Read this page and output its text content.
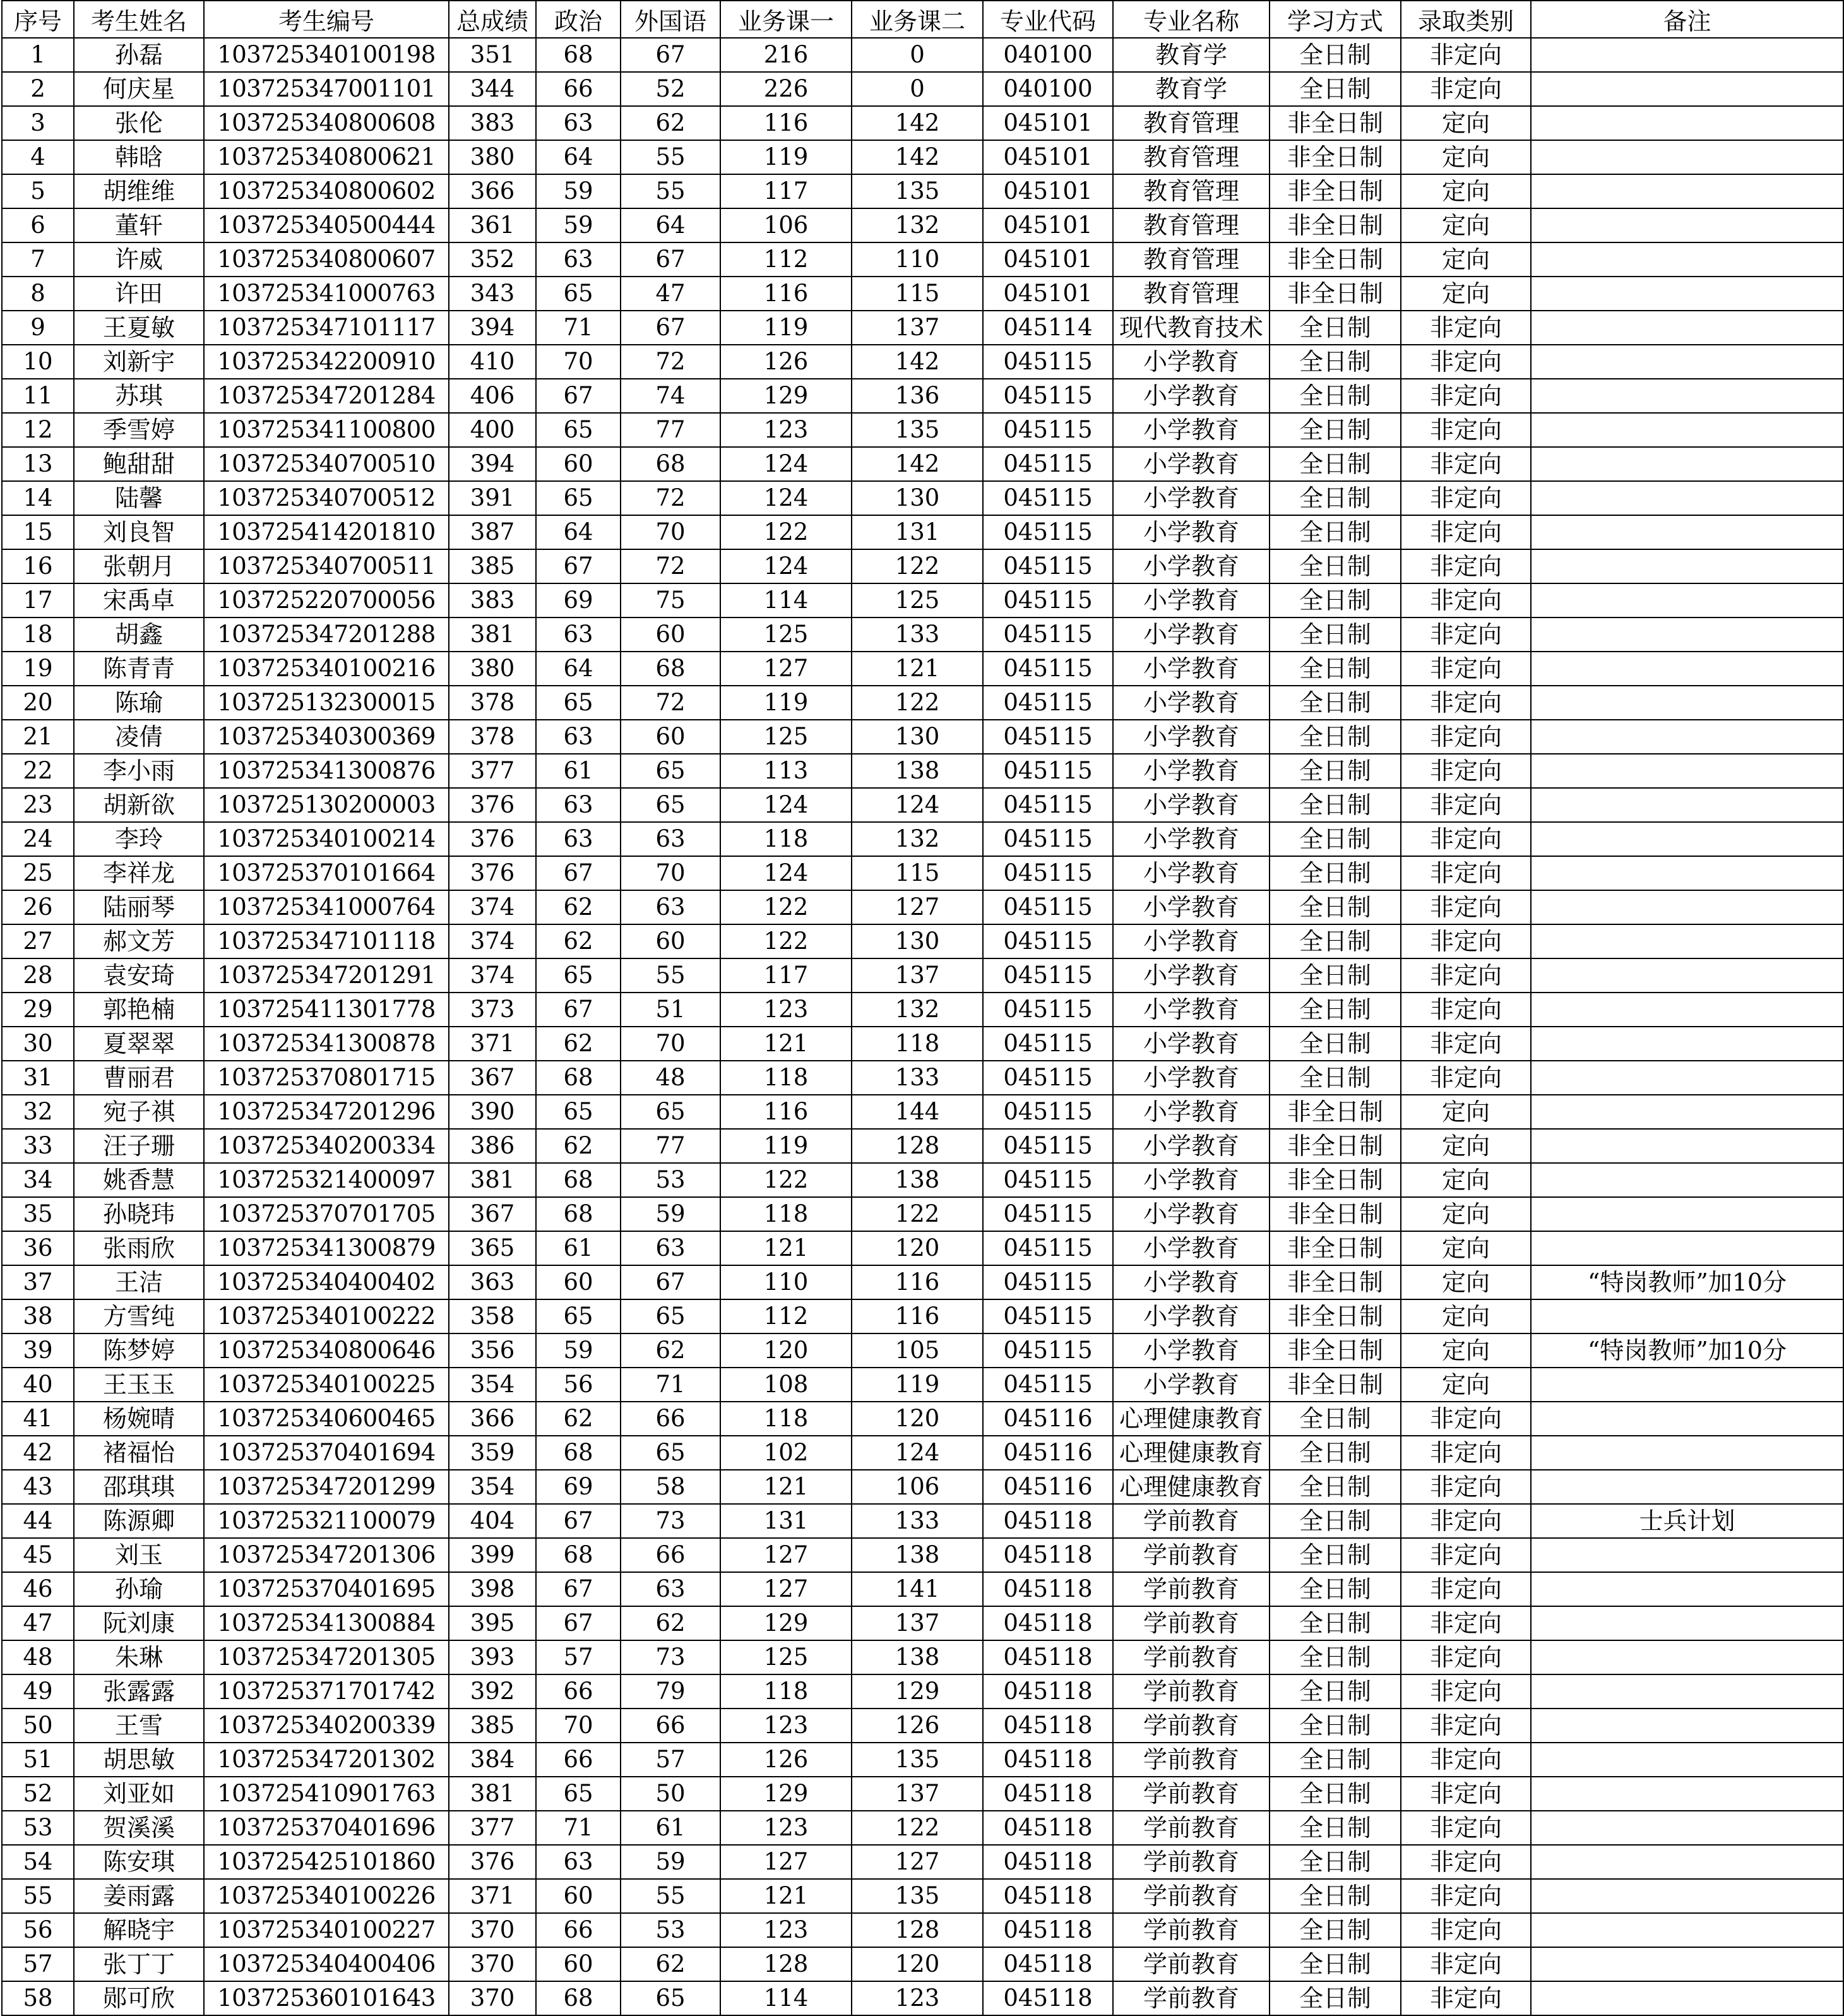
序号	考生姓名	考生编号	总成绩	政治	外国语	业务课一	业务课二	专业代码	专业名称	学习方式	录取类别	备注
1	孙磊	103725340100198	351	68	67	216	0	040100	教育学	全日制	非定向	
2	何庆星	103725347001101	344	66	52	226	0	040100	教育学	全日制	非定向	
3	张伦	103725340800608	383	63	62	116	142	045101	教育管理	非全日制	定向	
4	韩晗	103725340800621	380	64	55	119	142	045101	教育管理	非全日制	定向	
5	胡维维	103725340800602	366	59	55	117	135	045101	教育管理	非全日制	定向	
6	董轩	103725340500444	361	59	64	106	132	045101	教育管理	非全日制	定向	
7	许威	103725340800607	352	63	67	112	110	045101	教育管理	非全日制	定向	
8	许田	103725341000763	343	65	47	116	115	045101	教育管理	非全日制	定向	
9	王夏敏	103725347101117	394	71	67	119	137	045114	现代教育技术	全日制	非定向	
10	刘新宇	103725342200910	410	70	72	126	142	045115	小学教育	全日制	非定向	
11	苏琪	103725347201284	406	67	74	129	136	045115	小学教育	全日制	非定向	
12	季雪婷	103725341100800	400	65	77	123	135	045115	小学教育	全日制	非定向	
13	鲍甜甜	103725340700510	394	60	68	124	142	045115	小学教育	全日制	非定向	
14	陆馨	103725340700512	391	65	72	124	130	045115	小学教育	全日制	非定向	
15	刘良智	103725414201810	387	64	70	122	131	045115	小学教育	全日制	非定向	
16	张朝月	103725340700511	385	67	72	124	122	045115	小学教育	全日制	非定向	
17	宋禹卓	103725220700056	383	69	75	114	125	045115	小学教育	全日制	非定向	
18	胡鑫	103725347201288	381	63	60	125	133	045115	小学教育	全日制	非定向	
19	陈青青	103725340100216	380	64	68	127	121	045115	小学教育	全日制	非定向	
20	陈瑜	103725132300015	378	65	72	119	122	045115	小学教育	全日制	非定向	
21	凌倩	103725340300369	378	63	60	125	130	045115	小学教育	全日制	非定向	
22	李小雨	103725341300876	377	61	65	113	138	045115	小学教育	全日制	非定向	
23	胡新欲	103725130200003	376	63	65	124	124	045115	小学教育	全日制	非定向	
24	李玲	103725340100214	376	63	63	118	132	045115	小学教育	全日制	非定向	
25	李祥龙	103725370101664	376	67	70	124	115	045115	小学教育	全日制	非定向	
26	陆丽琴	103725341000764	374	62	63	122	127	045115	小学教育	全日制	非定向	
27	郝文芳	103725347101118	374	62	60	122	130	045115	小学教育	全日制	非定向	
28	袁安琦	103725347201291	374	65	55	117	137	045115	小学教育	全日制	非定向	
29	郭艳楠	103725411301778	373	67	51	123	132	045115	小学教育	全日制	非定向	
30	夏翠翠	103725341300878	371	62	70	121	118	045115	小学教育	全日制	非定向	
31	曹丽君	103725370801715	367	68	48	118	133	045115	小学教育	全日制	非定向	
32	宛子祺	103725347201296	390	65	65	116	144	045115	小学教育	非全日制	定向	
33	汪子珊	103725340200334	386	62	77	119	128	045115	小学教育	非全日制	定向	
34	姚香慧	103725321400097	381	68	53	122	138	045115	小学教育	非全日制	定向	
35	孙晓玮	103725370701705	367	68	59	118	122	045115	小学教育	非全日制	定向	
36	张雨欣	103725341300879	365	61	63	121	120	045115	小学教育	非全日制	定向	
37	王洁	103725340400402	363	60	67	110	116	045115	小学教育	非全日制	定向	“特岗教师”加10分
38	方雪纯	103725340100222	358	65	65	112	116	045115	小学教育	非全日制	定向	
39	陈梦婷	103725340800646	356	59	62	120	105	045115	小学教育	非全日制	定向	“特岗教师”加10分
40	王玉玉	103725340100225	354	56	71	108	119	045115	小学教育	非全日制	定向	
41	杨婉晴	103725340600465	366	62	66	118	120	045116	心理健康教育	全日制	非定向	
42	褚福怡	103725370401694	359	68	65	102	124	045116	心理健康教育	全日制	非定向	
43	邵琪琪	103725347201299	354	69	58	121	106	045116	心理健康教育	全日制	非定向	
44	陈源卿	103725321100079	404	67	73	131	133	045118	学前教育	全日制	非定向	士兵计划
45	刘玉	103725347201306	399	68	66	127	138	045118	学前教育	全日制	非定向	
46	孙瑜	103725370401695	398	67	63	127	141	045118	学前教育	全日制	非定向	
47	阮刘康	103725341300884	395	67	62	129	137	045118	学前教育	全日制	非定向	
48	朱琳	103725347201305	393	57	73	125	138	045118	学前教育	全日制	非定向	
49	张露露	103725371701742	392	66	79	118	129	045118	学前教育	全日制	非定向	
50	王雪	103725340200339	385	70	66	123	126	045118	学前教育	全日制	非定向	
51	胡思敏	103725347201302	384	66	57	126	135	045118	学前教育	全日制	非定向	
52	刘亚如	103725410901763	381	65	50	129	137	045118	学前教育	全日制	非定向	
53	贺溪溪	103725370401696	377	71	61	123	122	045118	学前教育	全日制	非定向	
54	陈安琪	103725425101860	376	63	59	127	127	045118	学前教育	全日制	非定向	
55	姜雨露	103725340100226	371	60	55	121	135	045118	学前教育	全日制	非定向	
56	解晓宇	103725340100227	370	66	53	123	128	045118	学前教育	全日制	非定向	
57	张丁丁	103725340400406	370	60	62	128	120	045118	学前教育	全日制	非定向	
58	郧可欣	103725360101643	370	68	65	114	123	045118	学前教育	全日制	非定向	
